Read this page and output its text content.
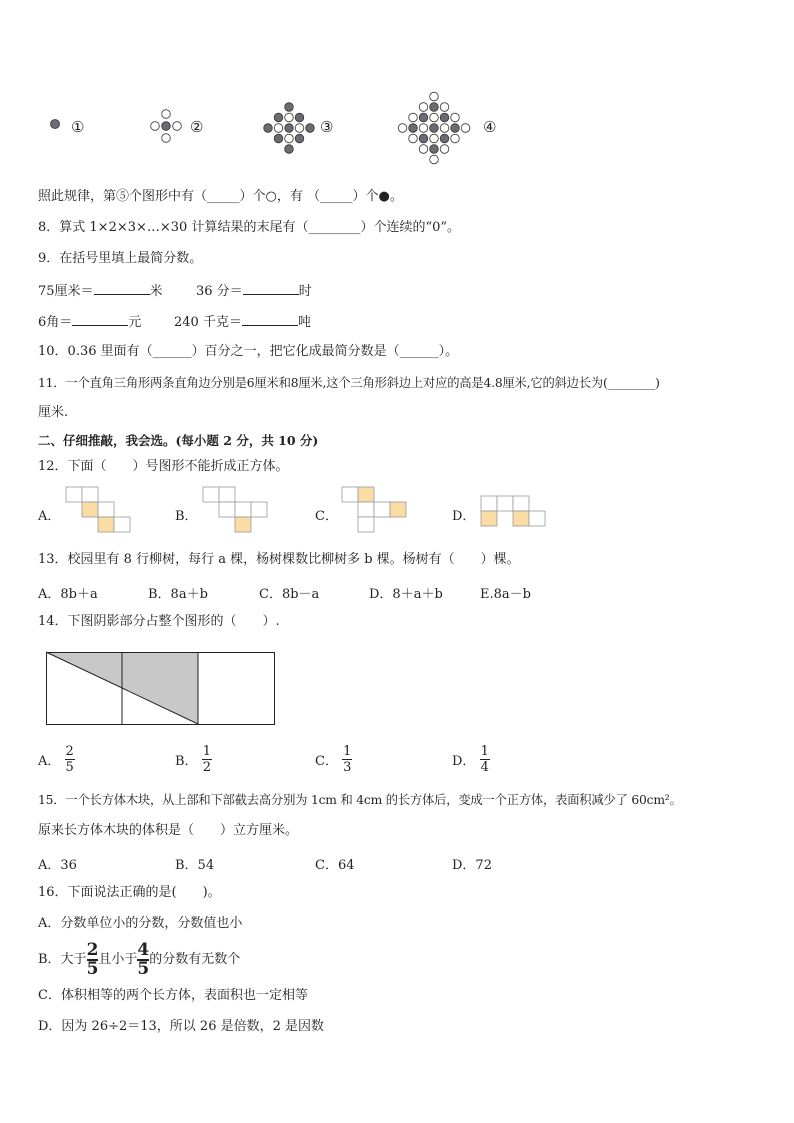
①	②	③	④
照此规律，第⑤个图形中有（_____）个○，有 （_____）个●。
8．算式 1×2×3×…×30 计算结果的末尾有（________）个连续的“0”。
9．在括号里填上最简分数。
75厘米＝	米	36 分＝	时
6角＝	元	240 千克＝	吨
10．0.36 里面有（______）百分之一，把它化成最简分数是（______）。
11．一个直角三角形两条直角边分别是6厘米和8厘米,这个三角形斜边上对应的高是4.8厘米,它的斜边长为(________)
厘米.
二、仔细推敲，我会选。(每小题 2 分，共 10 分)
12．下面（　　）号图形不能折成正方体。
A．	B．	C．	D．
13．校园里有 8 行柳树，每行 a 棵，杨树棵数比柳树多 b 棵。杨树有（　　）棵。
A．8b＋a	B．8a＋b	C．8b－a	D．8＋a＋b	E.8a－b
14．下图阴影部分占整个图形的（　　）.
A． $\frac{2}{5}$	B． $\frac{1}{2}$	C． $\frac{1}{3}$	D． $\frac{1}{4}$
15．一个长方体木块，从上部和下部截去高分别为 1cm 和 4cm 的长方体后，变成一个正方体，表面积减少了 60cm²。
原来长方体木块的体积是（　　）立方厘米。
A．36	B．54	C．64	D．72
16．下面说法正确的是(　　)。
A．分数单位小的分数，分数值也小
B．大于 $\frac{2}{5}$ 且小于 $\frac{4}{5}$ 的分数有无数个
C．体积相等的两个长方体，表面积也一定相等
D．因为 26÷2＝13，所以 26 是倍数，2 是因数
